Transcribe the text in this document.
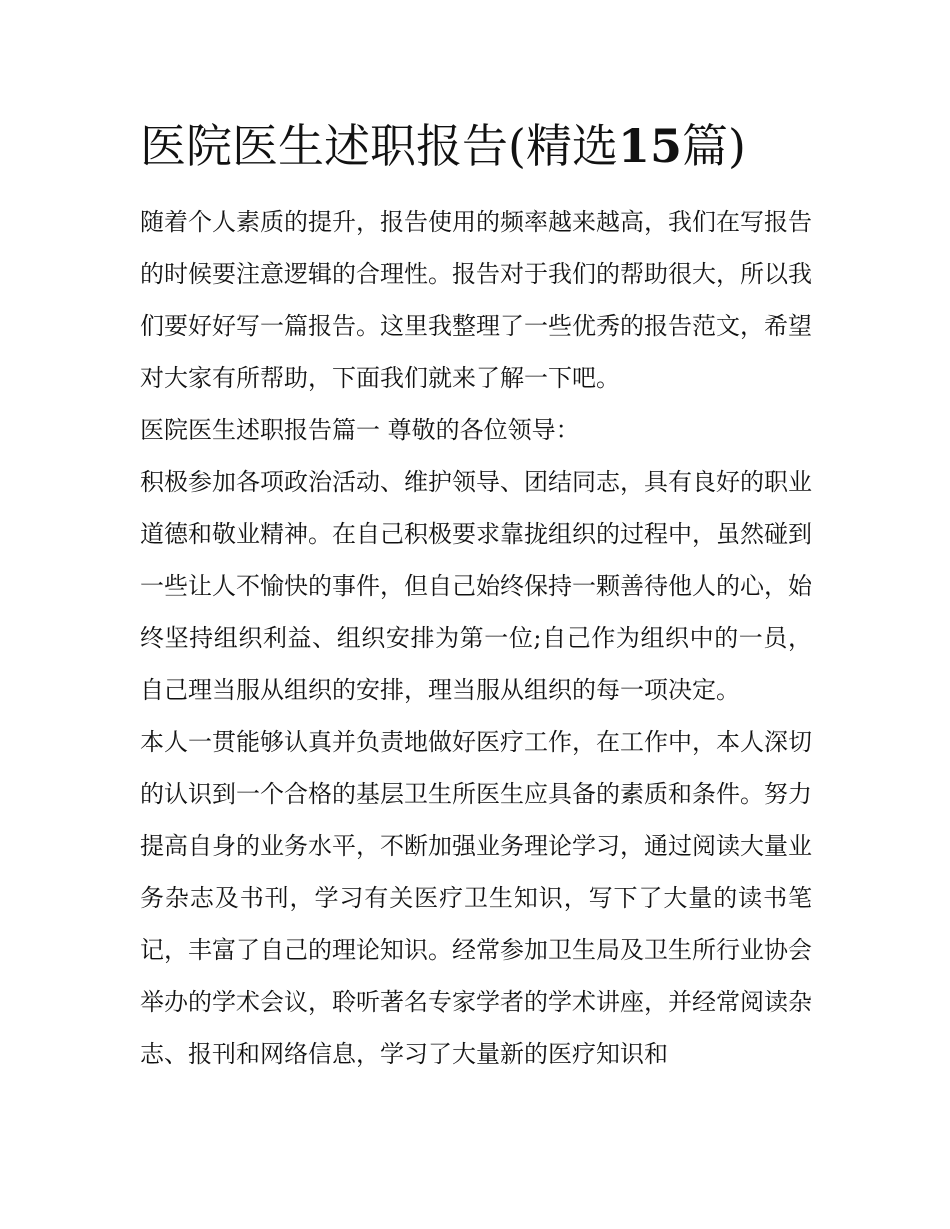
医院医生述职报告(精选15篇)

随着个人素质的提升，报告使用的频率越来越高，我们在写报告的时候要注意逻辑的合理性。报告对于我们的帮助很大，所以我们要好好写一篇报告。这里我整理了一些优秀的报告范文，希望对大家有所帮助，下面我们就来了解一下吧。

医院医生述职报告篇一 尊敬的各位领导：

积极参加各项政治活动、维护领导、团结同志，具有良好的职业道德和敬业精神。在自己积极要求靠拢组织的过程中，虽然碰到一些让人不愉快的事件，但自己始终保持一颗善待他人的心，始终坚持组织利益、组织安排为第一位;自己作为组织中的一员，自己理当服从组织的安排，理当服从组织的每一项决定。

本人一贯能够认真并负责地做好医疗工作，在工作中，本人深切的认识到一个合格的基层卫生所医生应具备的素质和条件。努力提高自身的业务水平，不断加强业务理论学习，通过阅读大量业务杂志及书刊，学习有关医疗卫生知识，写下了大量的读书笔记，丰富了自己的理论知识。经常参加卫生局及卫生所行业协会举办的学术会议，聆听著名专家学者的学术讲座，并经常阅读杂志、报刊和网络信息，学习了大量新的医疗知识和
